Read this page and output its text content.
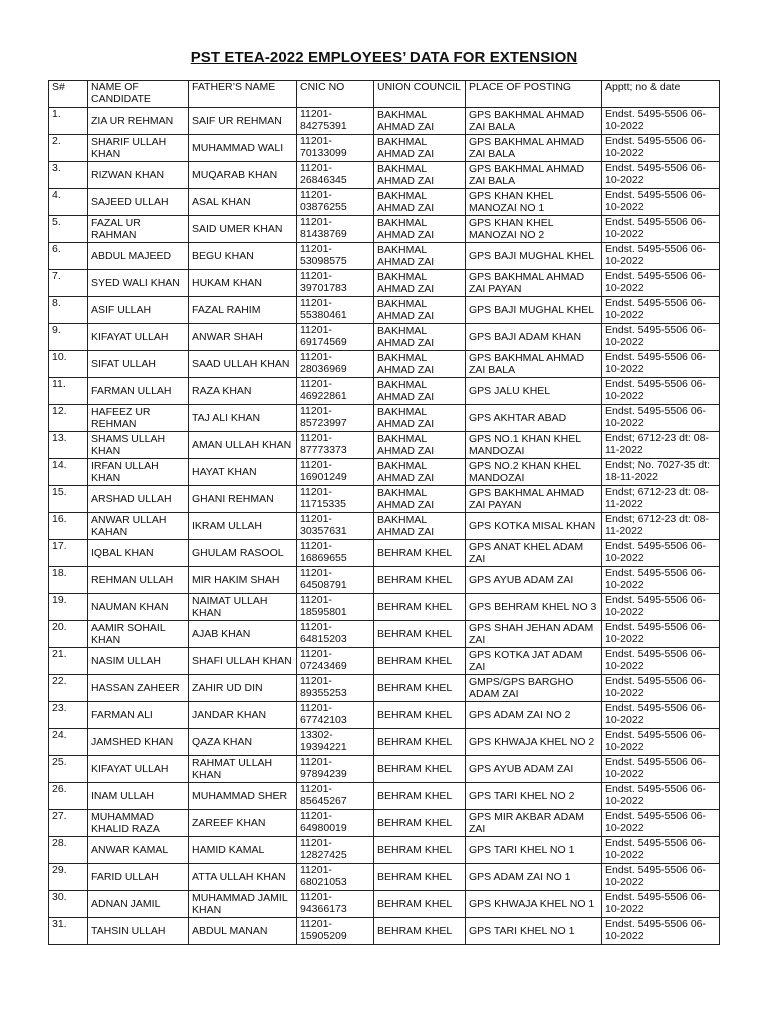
PST ETEA-2022 EMPLOYEES’ DATA FOR EXTENSION
S#	NAME OF CANDIDATE	FATHER’S NAME	CNIC NO	UNION COUNCIL	PLACE OF POSTING	Apptt; no & date
1.	ZIA UR REHMAN	SAIF UR REHMAN	11201-84275391	BAKHMAL AHMAD ZAI	GPS BAKHMAL AHMAD ZAI BALA	Endst. 5495-5506 06-10-2022
2.	SHARIF ULLAH KHAN	MUHAMMAD WALI	11201-70133099	BAKHMAL AHMAD ZAI	GPS BAKHMAL AHMAD ZAI BALA	Endst. 5495-5506 06-10-2022
3.	RIZWAN KHAN	MUQARAB KHAN	11201-26846345	BAKHMAL AHMAD ZAI	GPS BAKHMAL AHMAD ZAI BALA	Endst. 5495-5506 06-10-2022
4.	SAJEED ULLAH	ASAL KHAN	11201-03876255	BAKHMAL AHMAD ZAI	GPS KHAN KHEL MANOZAI NO 1	Endst. 5495-5506 06-10-2022
5.	FAZAL UR RAHMAN	SAID UMER KHAN	11201-81438769	BAKHMAL AHMAD ZAI	GPS KHAN KHEL MANOZAI NO 2	Endst. 5495-5506 06-10-2022
6.	ABDUL MAJEED	BEGU KHAN	11201-53098575	BAKHMAL AHMAD ZAI	GPS BAJI MUGHAL KHEL	Endst. 5495-5506 06-10-2022
7.	SYED WALI KHAN	HUKAM KHAN	11201-39701783	BAKHMAL AHMAD ZAI	GPS BAKHMAL AHMAD ZAI PAYAN	Endst. 5495-5506 06-10-2022
8.	ASIF ULLAH	FAZAL RAHIM	11201-55380461	BAKHMAL AHMAD ZAI	GPS BAJI MUGHAL KHEL	Endst. 5495-5506 06-10-2022
9.	KIFAYAT ULLAH	ANWAR SHAH	11201-69174569	BAKHMAL AHMAD ZAI	GPS BAJI ADAM KHAN	Endst. 5495-5506 06-10-2022
10.	SIFAT ULLAH	SAAD ULLAH KHAN	11201-28036969	BAKHMAL AHMAD ZAI	GPS BAKHMAL AHMAD ZAI BALA	Endst. 5495-5506 06-10-2022
11.	FARMAN ULLAH	RAZA KHAN	11201-46922861	BAKHMAL AHMAD ZAI	GPS JALU KHEL	Endst. 5495-5506 06-10-2022
12.	HAFEEZ UR REHMAN	TAJ ALI KHAN	11201-85723997	BAKHMAL AHMAD ZAI	GPS AKHTAR ABAD	Endst. 5495-5506 06-10-2022
13.	SHAMS ULLAH KHAN	AMAN ULLAH KHAN	11201-87773373	BAKHMAL AHMAD ZAI	GPS NO.1 KHAN KHEL MANDOZAI	Endst; 6712-23 dt: 08-11-2022
14.	IRFAN ULLAH KHAN	HAYAT KHAN	11201-16901249	BAKHMAL AHMAD ZAI	GPS NO.2 KHAN KHEL MANDOZAI	Endst; No. 7027-35 dt: 18-11-2022
15.	ARSHAD ULLAH	GHANI REHMAN	11201-11715335	BAKHMAL AHMAD ZAI	GPS BAKHMAL AHMAD ZAI PAYAN	Endst; 6712-23 dt: 08-11-2022
16.	ANWAR ULLAH KAHAN	IKRAM ULLAH	11201-30357631	BAKHMAL AHMAD ZAI	GPS KOTKA MISAL KHAN	Endst; 6712-23 dt: 08-11-2022
17.	IQBAL KHAN	GHULAM RASOOL	11201-16869655	BEHRAM KHEL	GPS ANAT KHEL ADAM ZAI	Endst. 5495-5506 06-10-2022
18.	REHMAN ULLAH	MIR HAKIM SHAH	11201-64508791	BEHRAM KHEL	GPS AYUB ADAM ZAI	Endst. 5495-5506 06-10-2022
19.	NAUMAN KHAN	NAIMAT ULLAH KHAN	11201-18595801	BEHRAM KHEL	GPS BEHRAM KHEL NO 3	Endst. 5495-5506 06-10-2022
20.	AAMIR SOHAIL KHAN	AJAB KHAN	11201-64815203	BEHRAM KHEL	GPS SHAH JEHAN ADAM ZAI	Endst. 5495-5506 06-10-2022
21.	NASIM ULLAH	SHAFI ULLAH KHAN	11201-07243469	BEHRAM KHEL	GPS KOTKA JAT ADAM ZAI	Endst. 5495-5506 06-10-2022
22.	HASSAN ZAHEER	ZAHIR UD DIN	11201-89355253	BEHRAM KHEL	GMPS/GPS BARGHO ADAM ZAI	Endst. 5495-5506 06-10-2022
23.	FARMAN ALI	JANDAR KHAN	11201-67742103	BEHRAM KHEL	GPS ADAM ZAI NO 2	Endst. 5495-5506 06-10-2022
24.	JAMSHED KHAN	QAZA KHAN	13302-19394221	BEHRAM KHEL	GPS KHWAJA KHEL NO 2	Endst. 5495-5506 06-10-2022
25.	KIFAYAT ULLAH	RAHMAT ULLAH KHAN	11201-97894239	BEHRAM KHEL	GPS AYUB ADAM ZAI	Endst. 5495-5506 06-10-2022
26.	INAM ULLAH	MUHAMMAD SHER	11201-85645267	BEHRAM KHEL	GPS TARI KHEL NO 2	Endst. 5495-5506 06-10-2022
27.	MUHAMMAD KHALID RAZA	ZAREEF KHAN	11201-64980019	BEHRAM KHEL	GPS MIR AKBAR ADAM ZAI	Endst. 5495-5506 06-10-2022
28.	ANWAR KAMAL	HAMID KAMAL	11201-12827425	BEHRAM KHEL	GPS TARI KHEL NO 1	Endst. 5495-5506 06-10-2022
29.	FARID ULLAH	ATTA ULLAH KHAN	11201-68021053	BEHRAM KHEL	GPS ADAM ZAI NO 1	Endst. 5495-5506 06-10-2022
30.	ADNAN JAMIL	MUHAMMAD JAMIL KHAN	11201-94366173	BEHRAM KHEL	GPS KHWAJA KHEL NO 1	Endst. 5495-5506 06-10-2022
31.	TAHSIN ULLAH	ABDUL MANAN	11201-15905209	BEHRAM KHEL	GPS TARI KHEL NO 1	Endst. 5495-5506 06-10-2022
